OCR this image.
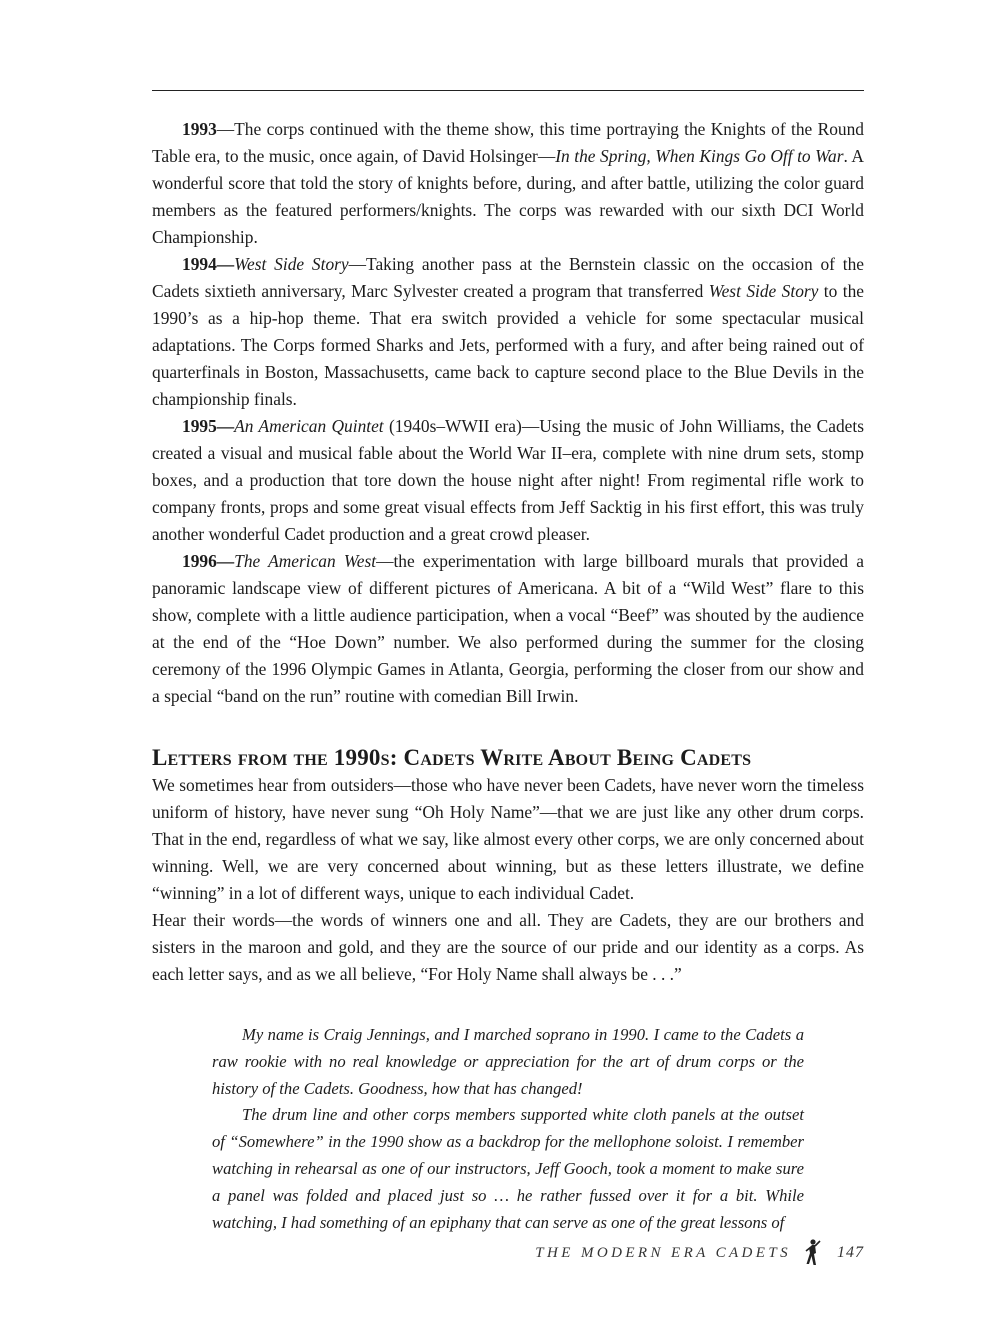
1993—The corps continued with the theme show, this time portraying the Knights of the Round Table era, to the music, once again, of David Holsinger—In the Spring, When Kings Go Off to War. A wonderful score that told the story of knights before, during, and after battle, utilizing the color guard members as the featured performers/knights. The corps was rewarded with our sixth DCI World Championship.

1994—West Side Story—Taking another pass at the Bernstein classic on the occasion of the Cadets sixtieth anniversary, Marc Sylvester created a program that transferred West Side Story to the 1990’s as a hip-hop theme. That era switch provided a vehicle for some spectacular musical adaptations. The Corps formed Sharks and Jets, performed with a fury, and after being rained out of quarterfinals in Boston, Massachusetts, came back to capture second place to the Blue Devils in the championship finals.

1995—An American Quintet (1940s–WWII era)—Using the music of John Williams, the Cadets created a visual and musical fable about the World War II–era, complete with nine drum sets, stomp boxes, and a production that tore down the house night after night! From regimental rifle work to company fronts, props and some great visual effects from Jeff Sacktig in his first effort, this was truly another wonderful Cadet production and a great crowd pleaser.

1996—The American West—the experimentation with large billboard murals that provided a panoramic landscape view of different pictures of Americana. A bit of a “Wild West” flare to this show, complete with a little audience participation, when a vocal “Beef” was shouted by the audience at the end of the “Hoe Down” number. We also performed during the summer for the closing ceremony of the 1996 Olympic Games in Atlanta, Georgia, performing the closer from our show and a special “band on the run” routine with comedian Bill Irwin.

Letters from the 1990s: Cadets Write About Being Cadets

We sometimes hear from outsiders—those who have never been Cadets, have never worn the timeless uniform of history, have never sung “Oh Holy Name”—that we are just like any other drum corps. That in the end, regardless of what we say, like almost every other corps, we are only concerned about winning. Well, we are very concerned about winning, but as these letters illustrate, we define “winning” in a lot of different ways, unique to each individual Cadet.

Hear their words—the words of winners one and all. They are Cadets, they are our brothers and sisters in the maroon and gold, and they are the source of our pride and our identity as a corps. As each letter says, and as we all believe, “For Holy Name shall always be . . .”

My name is Craig Jennings, and I marched soprano in 1990. I came to the Cadets a raw rookie with no real knowledge or appreciation for the art of drum corps or the history of the Cadets. Goodness, how that has changed!

The drum line and other corps members supported white cloth panels at the outset of “Somewhere” in the 1990 show as a backdrop for the mellophone soloist. I remember watching in rehearsal as one of our instructors, Jeff Gooch, took a moment to make sure a panel was folded and placed just so … he rather fussed over it for a bit. While watching, I had something of an epiphany that can serve as one of the great lessons of

THE MODERN ERA CADETS	147
